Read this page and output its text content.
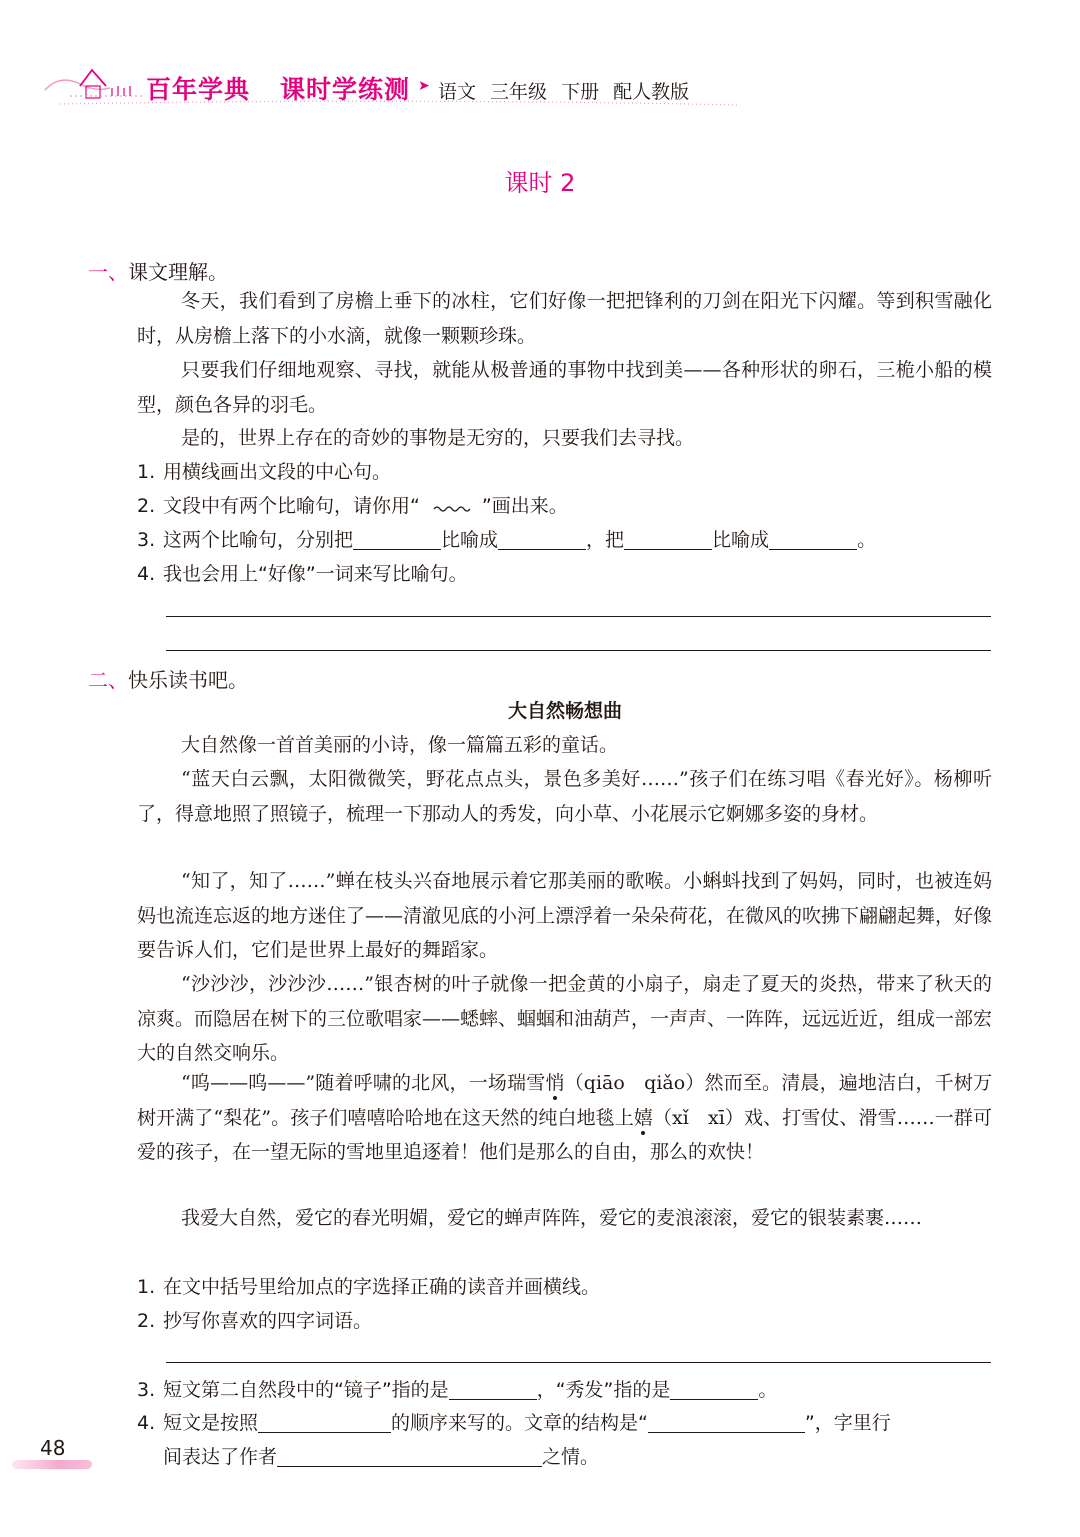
百年学典 课时学练测 ➤ 语文 三年级 下册 配人教版
课时 2
一、课文理解。
冬天，我们看到了房檐上垂下的冰柱，它们好像一把把锋利的刀剑在阳光下闪耀。等到积雪融化时，从房檐上落下的小水滴，就像一颗颗珍珠。
只要我们仔细地观察、寻找，就能从极普通的事物中找到美——各种形状的卵石，三桅小船的模型，颜色各异的羽毛。
是的，世界上存在的奇妙的事物是无穷的，只要我们去寻找。
1. 用横线画出文段的中心句。
2. 文段中有两个比喻句，请你用“	”画出来。
3. 这两个比喻句，分别把	比喻成	，把	比喻成	。
4. 我也会用上“好像”一词来写比喻句。
二、快乐读书吧。
大自然畅想曲
大自然像一首首美丽的小诗，像一篇篇五彩的童话。
“蓝天白云飘，太阳微微笑，野花点点头，景色多美好……”孩子们在练习唱《春光好》。杨柳听了，得意地照了照镜子，梳理一下那动人的秀发，向小草、小花展示它婀娜多姿的身材。
“知了，知了……”蝉在枝头兴奋地展示着它那美丽的歌喉。小蝌蚪找到了妈妈，同时，也被连妈妈也流连忘返的地方迷住了——清澈见底的小河上漂浮着一朵朵荷花，在微风的吹拂下翩翩起舞，好像要告诉人们，它们是世界上最好的舞蹈家。
“沙沙沙，沙沙沙……”银杏树的叶子就像一把金黄的小扇子，扇走了夏天的炎热，带来了秋天的凉爽。而隐居在树下的三位歌唱家——蟋蟀、蝈蝈和油葫芦，一声声、一阵阵，远远近近，组成一部宏大的自然交响乐。
“呜——呜——”随着呼啸的北风，一场瑞雪悄（qiāo　qiǎo）然而至。清晨，遍地洁白，千树万树开满了“梨花”。孩子们嘻嘻哈哈地在这天然的纯白地毯上嬉（xǐ　xī）戏、打雪仗、滑雪……一群可爱的孩子，在一望无际的雪地里追逐着！他们是那么的自由，那么的欢快！
我爱大自然，爱它的春光明媚，爱它的蝉声阵阵，爱它的麦浪滚滚，爱它的银装素裹……
1. 在文中括号里给加点的字选择正确的读音并画横线。
2. 抄写你喜欢的四字词语。
3. 短文第二自然段中的“镜子”指的是	，“秀发”指的是	。
4. 短文是按照	的顺序来写的。文章的结构是“	”，字里行
间表达了作者	之情。
48
